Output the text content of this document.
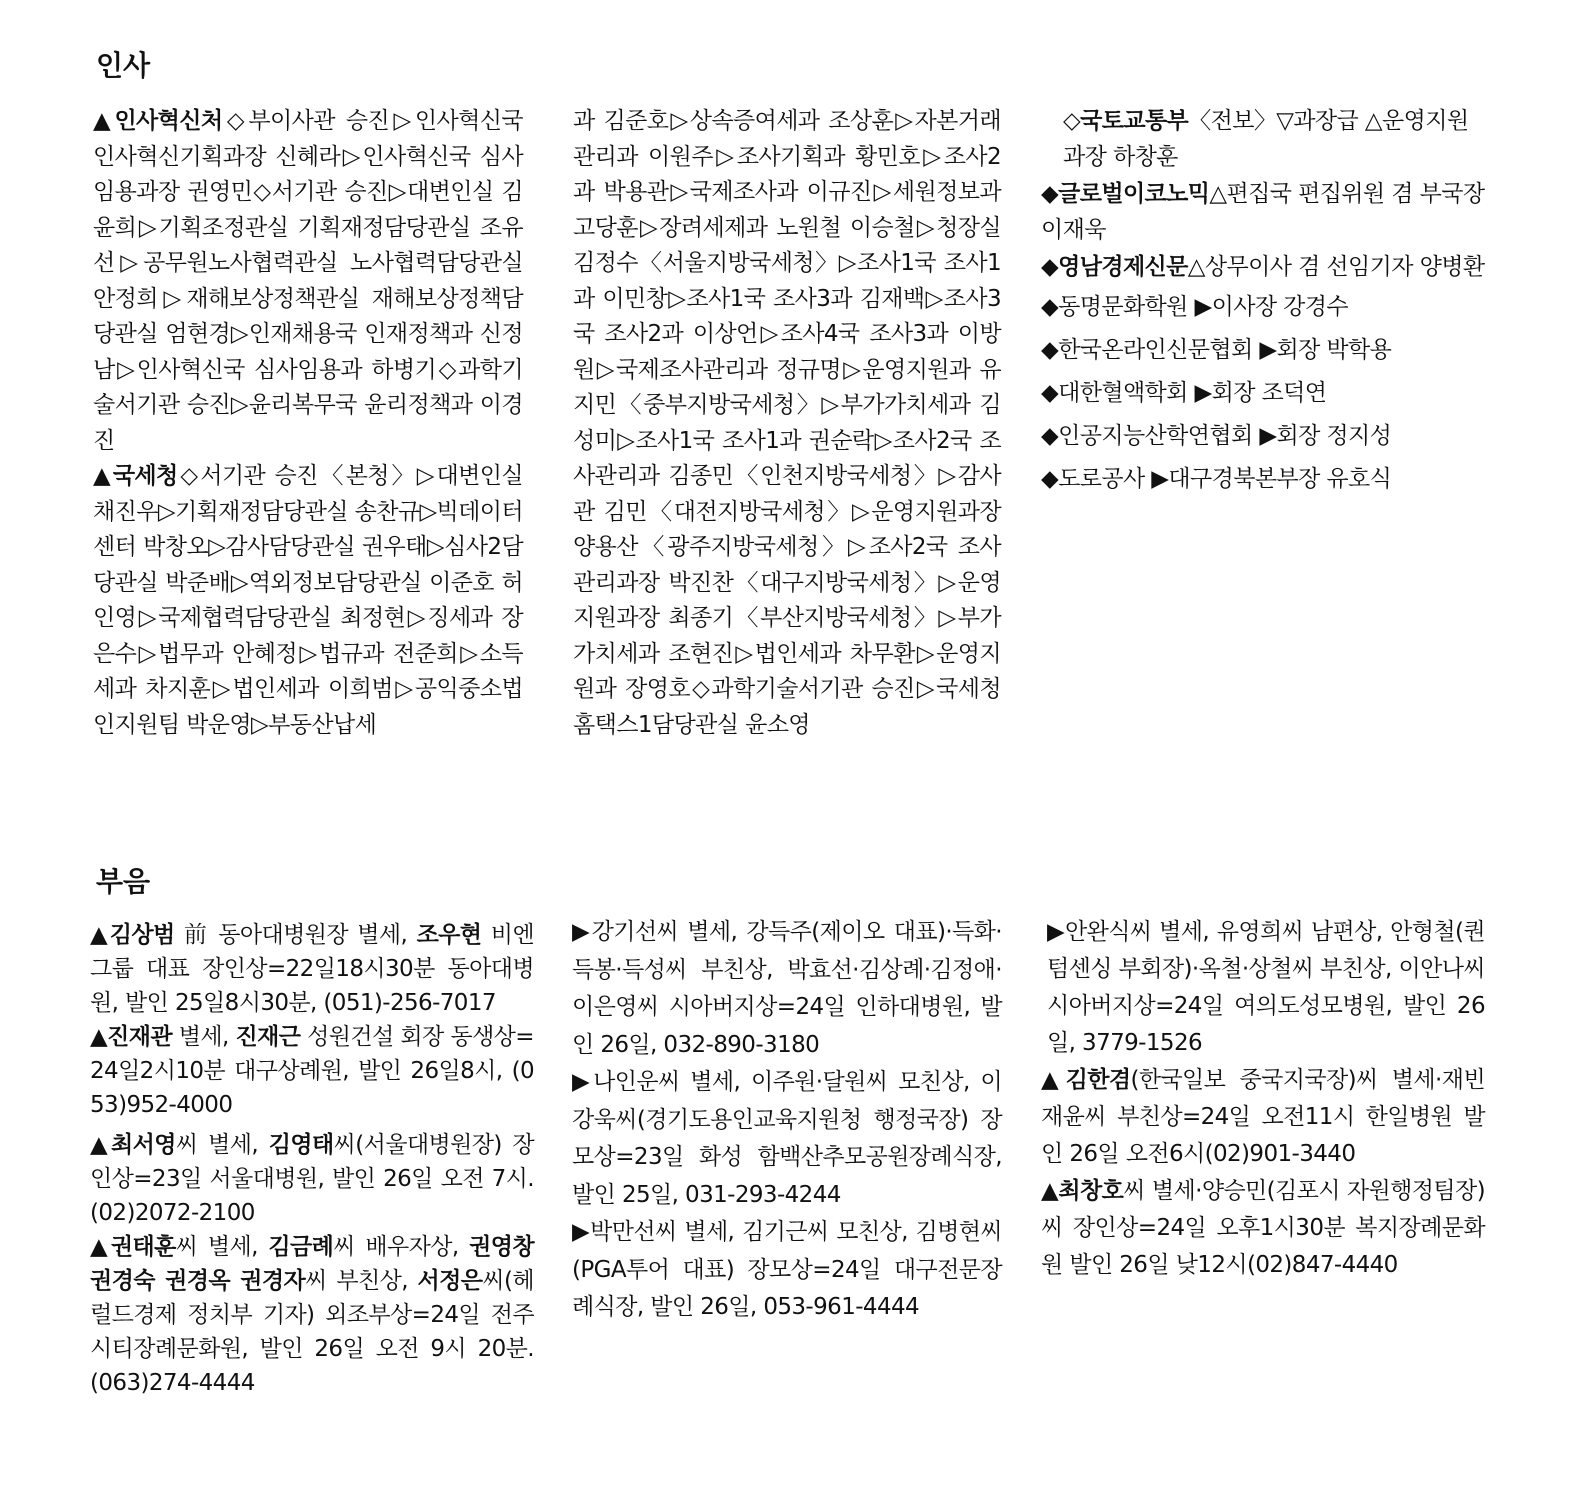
인사
▲인사혁신처◇부이사관 승진▷인사혁신국 인사혁신기획과장 신혜라▷인사혁신국 심사임용과장 권영민◇서기관 승진▷대변인실 김윤희▷기획조정관실 기획재정담당관실 조유선▷공무원노사협력관실 노사협력담당관실 안정희▷재해보상정책관실 재해보상정책담당관실 엄현경▷인재채용국 인재정책과 신정남▷인사혁신국 심사임용과 하병기◇과학기술서기관 승진▷윤리복무국 윤리정책과 이경진
▲국세청◇서기관 승진〈본청〉▷대변인실 채진우▷기획재정담당관실 송찬규▷빅데이터센터 박창오▷감사담당관실 권우태▷심사2담당관실 박준배▷역외정보담당관실 이준호 허인영▷국제협력담당관실 최정현▷징세과 장은수▷법무과 안혜정▷법규과 전준희▷소득세과 차지훈▷법인세과 이희범▷공익중소법인지원팀 박운영▷부동산납세
과 김준호▷상속증여세과 조상훈▷자본거래관리과 이원주▷조사기획과 황민호▷조사2과 박용관▷국제조사과 이규진▷세원정보과 고당훈▷장려세제과 노원철 이승철▷청장실 김정수〈서울지방국세청〉▷조사1국 조사1과 이민창▷조사1국 조사3과 김재백▷조사3국 조사2과 이상언▷조사4국 조사3과 이방원▷국제조사관리과 정규명▷운영지원과 유지민〈중부지방국세청〉▷부가가치세과 김성미▷조사1국 조사1과 권순락▷조사2국 조사관리과 김종민〈인천지방국세청〉▷감사관 김민〈대전지방국세청〉▷운영지원과장 양용산〈광주지방국세청〉▷조사2국 조사관리과장 박진찬〈대구지방국세청〉▷운영지원과장 최종기〈부산지방국세청〉▷부가가치세과 조현진▷법인세과 차무환▷운영지원과 장영호◇과학기술서기관 승진▷국세청 홈택스1담당관실 윤소영
◇국토교통부〈전보〉▽과장급 △운영지원과장 하창훈
◆글로벌이코노믹△편집국 편집위원 겸 부국장 이재욱
◆영남경제신문△상무이사 겸 선임기자 양병환
◆동명문화학원 ▶이사장 강경수
◆한국온라인신문협회 ▶회장 박학용
◆대한혈액학회 ▶회장 조덕연
◆인공지능산학연협회 ▶회장 정지성
◆도로공사 ▶대구경북본부장 유호식
부음
▲김상범 前 동아대병원장 별세, 조우현 비엔그룹 대표 장인상=22일18시30분 동아대병원, 발인 25일8시30분, (051)-256-7017
▲진재관 별세, 진재근 성원건설 회장 동생상=24일2시10분 대구상례원, 발인 26일8시, (053)952-4000
▲최서영씨 별세, 김영태씨(서울대병원장) 장인상=23일 서울대병원, 발인 26일 오전 7시. (02)2072-2100
▲권태훈씨 별세, 김금례씨 배우자상, 권영창 권경숙 권경옥 권경자씨 부친상, 서정은씨(헤럴드경제 정치부 기자) 외조부상=24일 전주 시티장례문화원, 발인 26일 오전 9시 20분. (063)274-4444
▶강기선씨 별세, 강득주(제이오 대표)·득화·득봉·득성씨 부친상, 박효선·김상례·김정애·이은영씨 시아버지상=24일 인하대병원, 발인 26일, 032-890-3180
▶나인운씨 별세, 이주원·달원씨 모친상, 이강욱씨(경기도용인교육지원청 행정국장) 장모상=23일 화성 함백산추모공원장례식장, 발인 25일, 031-293-4244
▶박만선씨 별세, 김기근씨 모친상, 김병현씨(PGA투어 대표) 장모상=24일 대구전문장례식장, 발인 26일, 053-961-4444
▶안완식씨 별세, 유영희씨 남편상, 안형철(퀀텀센싱 부회장)·옥철·상철씨 부친상, 이안나씨 시아버지상=24일 여의도성모병원, 발인 26일, 3779-1526
▲김한겸(한국일보 중국지국장)씨 별세·재빈 재윤씨 부친상=24일 오전11시 한일병원 발인 26일 오전6시(02)901-3440
▲최창호씨 별세·양승민(김포시 자원행정팀장)씨 장인상=24일 오후1시30분 복지장례문화원 발인 26일 낮12시(02)847-4440
